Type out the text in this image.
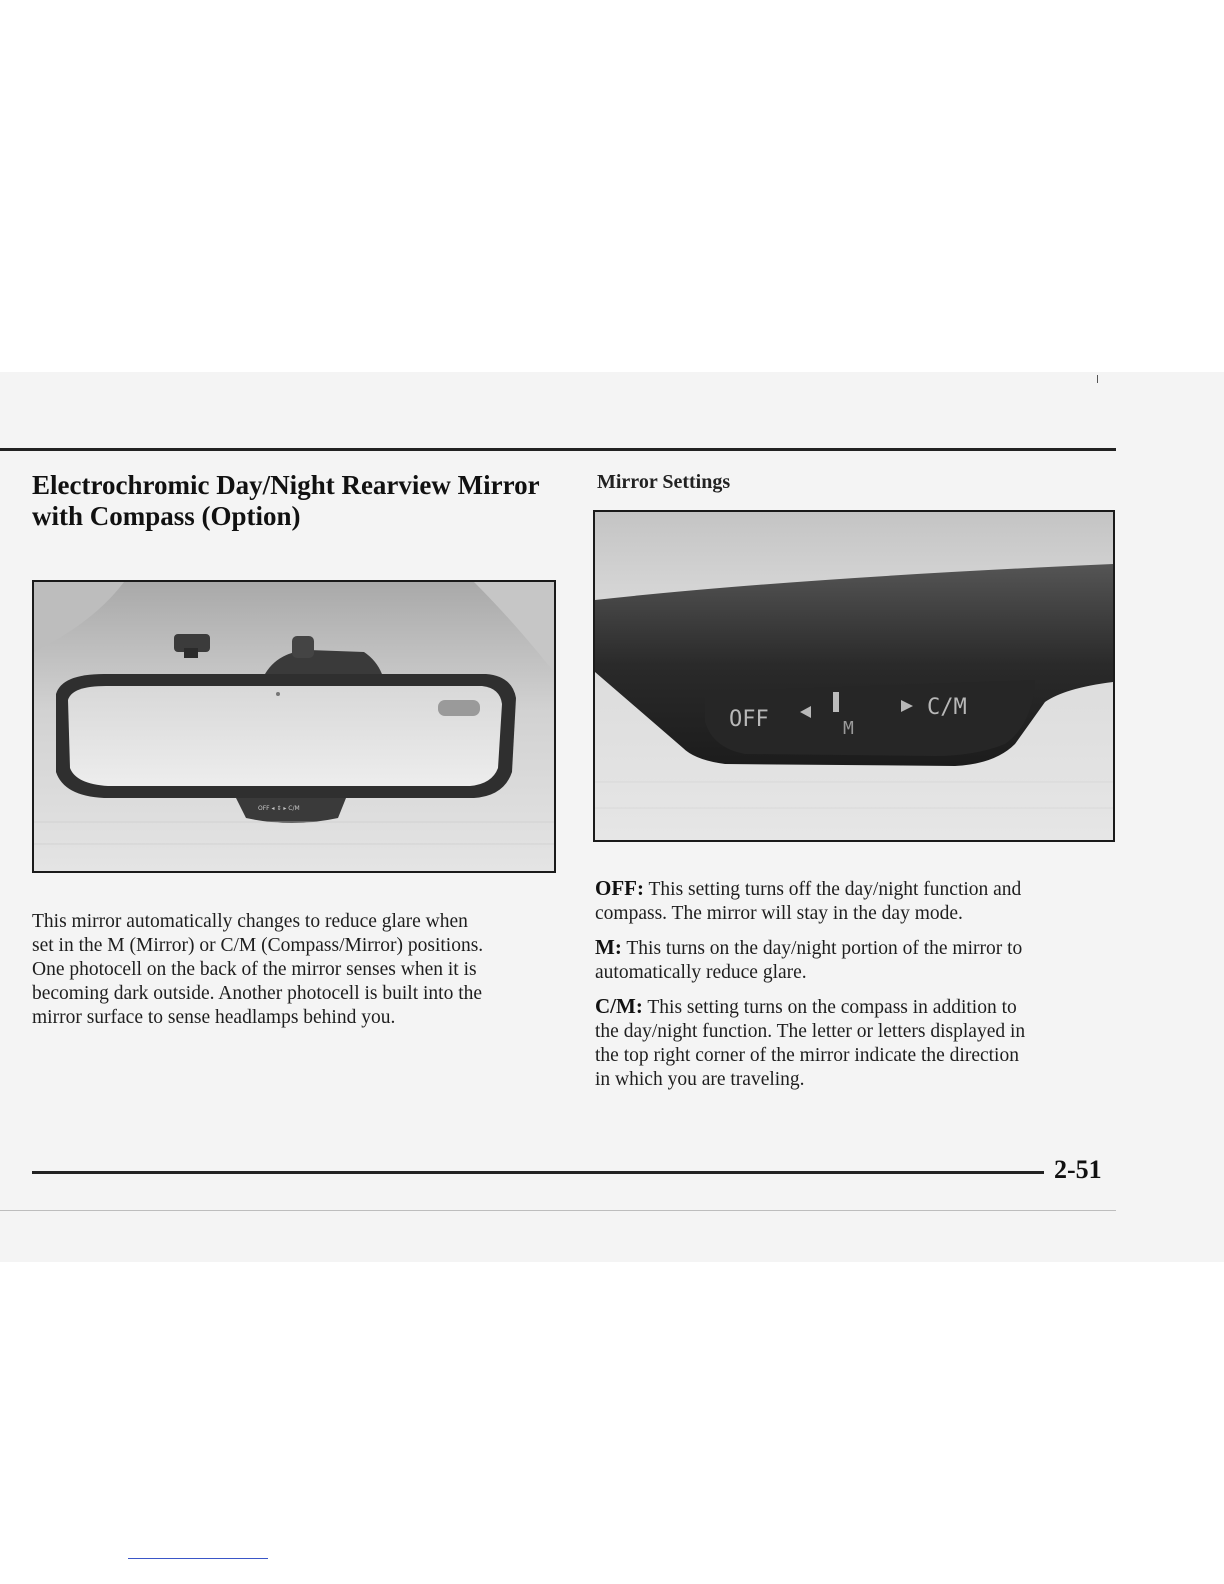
Electrochromic Day/Night Rearview Mirror
with Compass (Option)
Mirror Settings
OFF ◂ ⇕ ▸ C/M
OFF	M
C/M

This mirror automatically changes to reduce glare when
set in the M (Mirror) or C/M (Compass/Mirror) positions.
One photocell on the back of the mirror senses when it is
becoming dark outside. Another photocell is built into the
mirror surface to sense headlamps behind you.

OFF: This setting turns off the day/night function and
compass. The mirror will stay in the day mode.

M: This turns on the day/night portion of the mirror to
automatically reduce glare.

C/M: This setting turns on the compass in addition to
the day/night function. The letter or letters displayed in
the top right corner of the mirror indicate the direction
in which you are traveling.

2-51
